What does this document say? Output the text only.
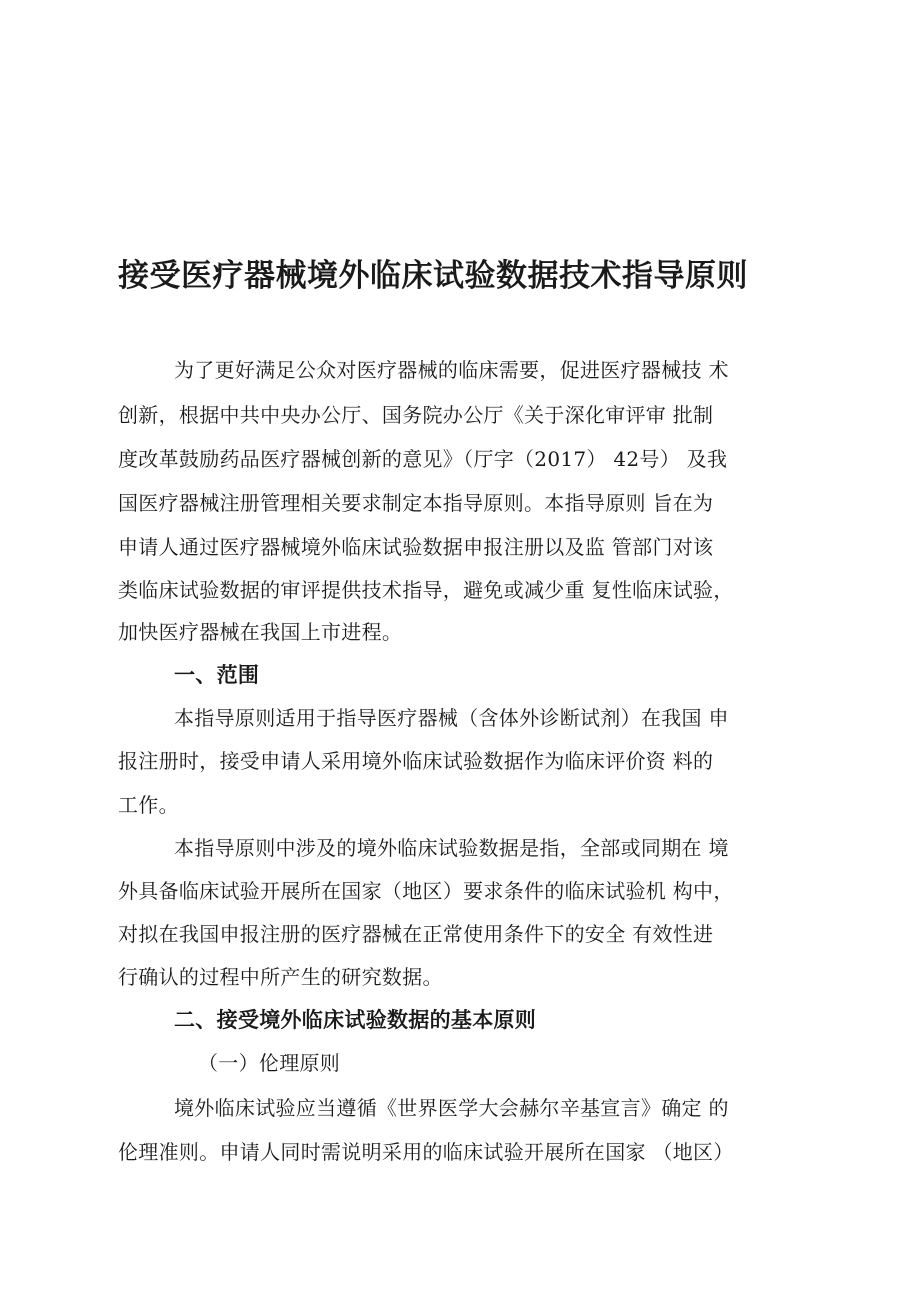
接受医疗器械境外临床试验数据技术指导原则
为了更好满足公众对医疗器械的临床需要，促进医疗器械技 术
创新，根据中共中央办公厅、国务院办公厅《关于深化审评审 批制
度改革鼓励药品医疗器械创新的意见》（厅字（2017） 42号） 及我
国医疗器械注册管理相关要求制定本指导原则。本指导原则 旨在为
申请人通过医疗器械境外临床试验数据申报注册以及监 管部门对该
类临床试验数据的审评提供技术指导，避免或减少重 复性临床试验，
加快医疗器械在我国上市进程。
一、范围
本指导原则适用于指导医疗器械（含体外诊断试剂）在我国 申
报注册时，接受申请人采用境外临床试验数据作为临床评价资 料的
工作。
本指导原则中涉及的境外临床试验数据是指，全部或同期在 境
外具备临床试验开展所在国家（地区）要求条件的临床试验机 构中，
对拟在我国申报注册的医疗器械在正常使用条件下的安全 有效性进
行确认的过程中所产生的研究数据。
二、接受境外临床试验数据的基本原则
（一）伦理原则
境外临床试验应当遵循《世界医学大会赫尔辛基宣言》确定 的
伦理准则。申请人同时需说明采用的临床试验开展所在国家 （地区）
